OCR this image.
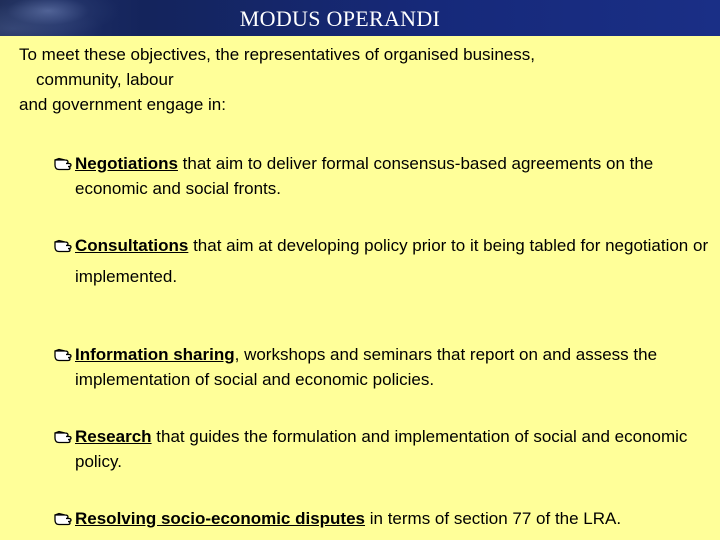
MODUS OPERANDI
To meet these objectives, the representatives of organised business,
community, labour
and government engage in:
Negotiations that aim to deliver formal consensus-based agreements on the economic and social fronts.
Consultations that aim at developing policy prior to it being tabled for negotiation or
implemented.
Information sharing, workshops and seminars that report on and assess the implementation of social and economic policies.
Research that guides the formulation and implementation of social and economic policy.
Resolving socio-economic disputes in terms of section 77 of the LRA.
